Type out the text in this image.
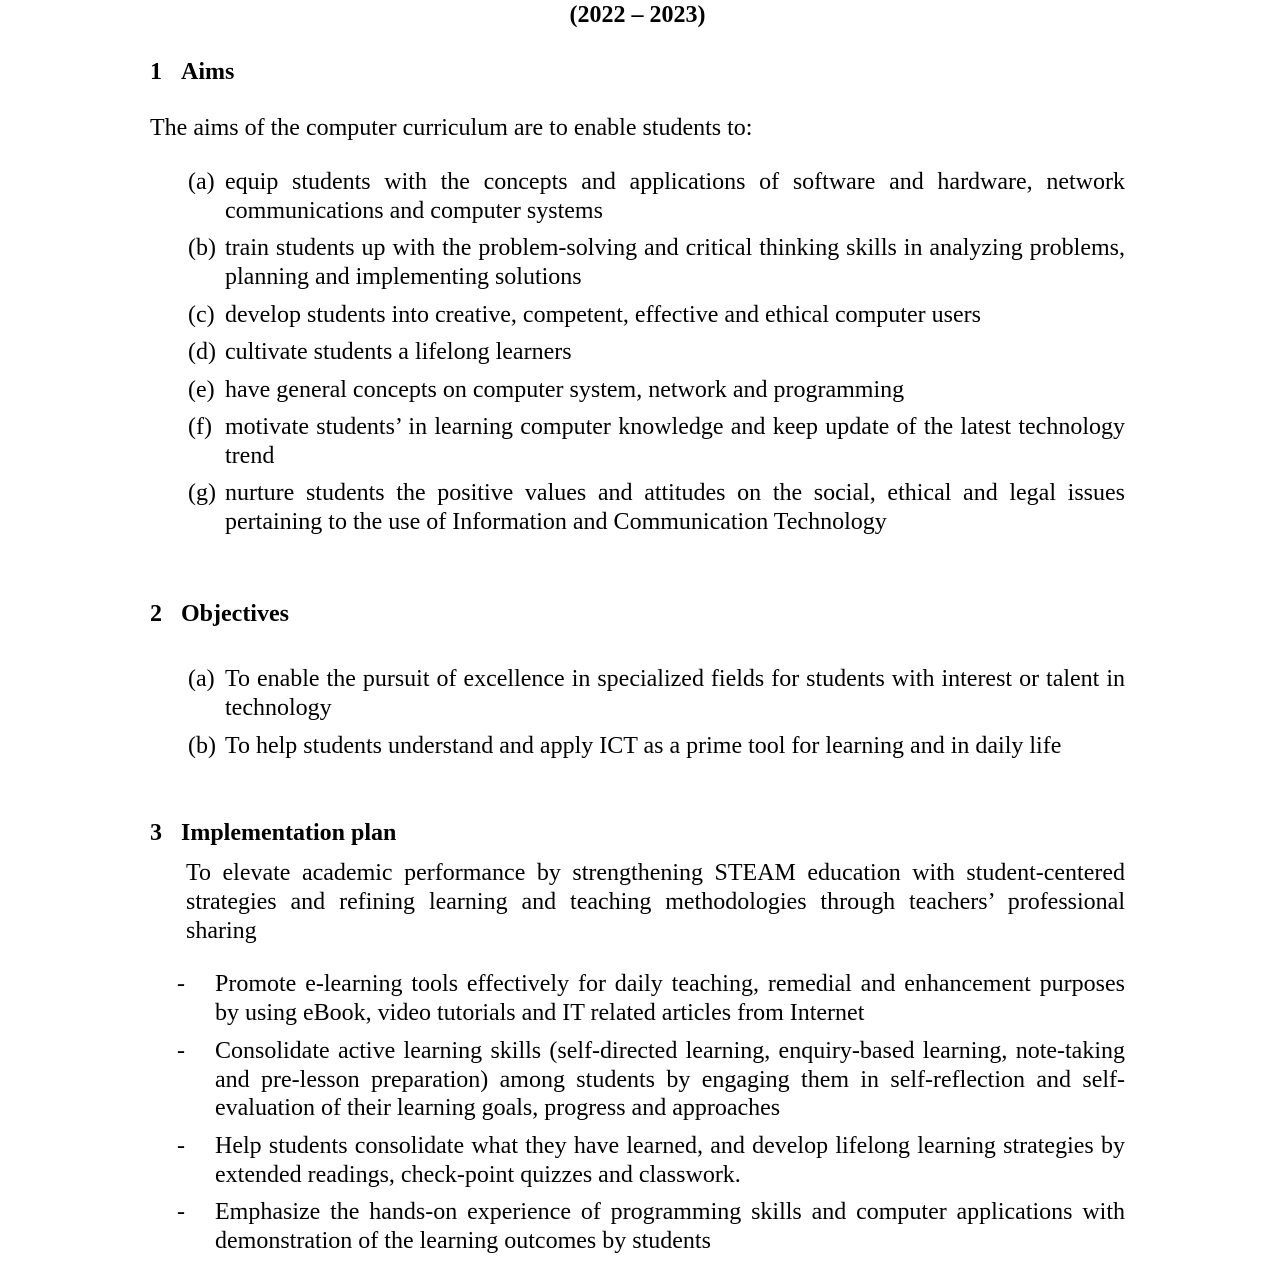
(2022 – 2023)
1 Aims
The aims of the computer curriculum are to enable students to:
(a) equip students with the concepts and applications of software and hardware, network communications and computer systems
(b) train students up with the problem-solving and critical thinking skills in analyzing problems, planning and implementing solutions
(c) develop students into creative, competent, effective and ethical computer users
(d) cultivate students a lifelong learners
(e) have general concepts on computer system, network and programming
(f) motivate students’ in learning computer knowledge and keep update of the latest technology trend
(g) nurture students the positive values and attitudes on the social, ethical and legal issues pertaining to the use of Information and Communication Technology
2 Objectives
(a) To enable the pursuit of excellence in specialized fields for students with interest or talent in technology
(b) To help students understand and apply ICT as a prime tool for learning and in daily life
3 Implementation plan
To elevate academic performance by strengthening STEAM education with student-centered strategies and refining learning and teaching methodologies through teachers’ professional sharing
- Promote e-learning tools effectively for daily teaching, remedial and enhancement purposes by using eBook, video tutorials and IT related articles from Internet
- Consolidate active learning skills (self-directed learning, enquiry-based learning, note-taking and pre-lesson preparation) among students by engaging them in self-reflection and self-evaluation of their learning goals, progress and approaches
- Help students consolidate what they have learned, and develop lifelong learning strategies by extended readings, check-point quizzes and classwork.
- Emphasize the hands-on experience of programming skills and computer applications with demonstration of the learning outcomes by students
